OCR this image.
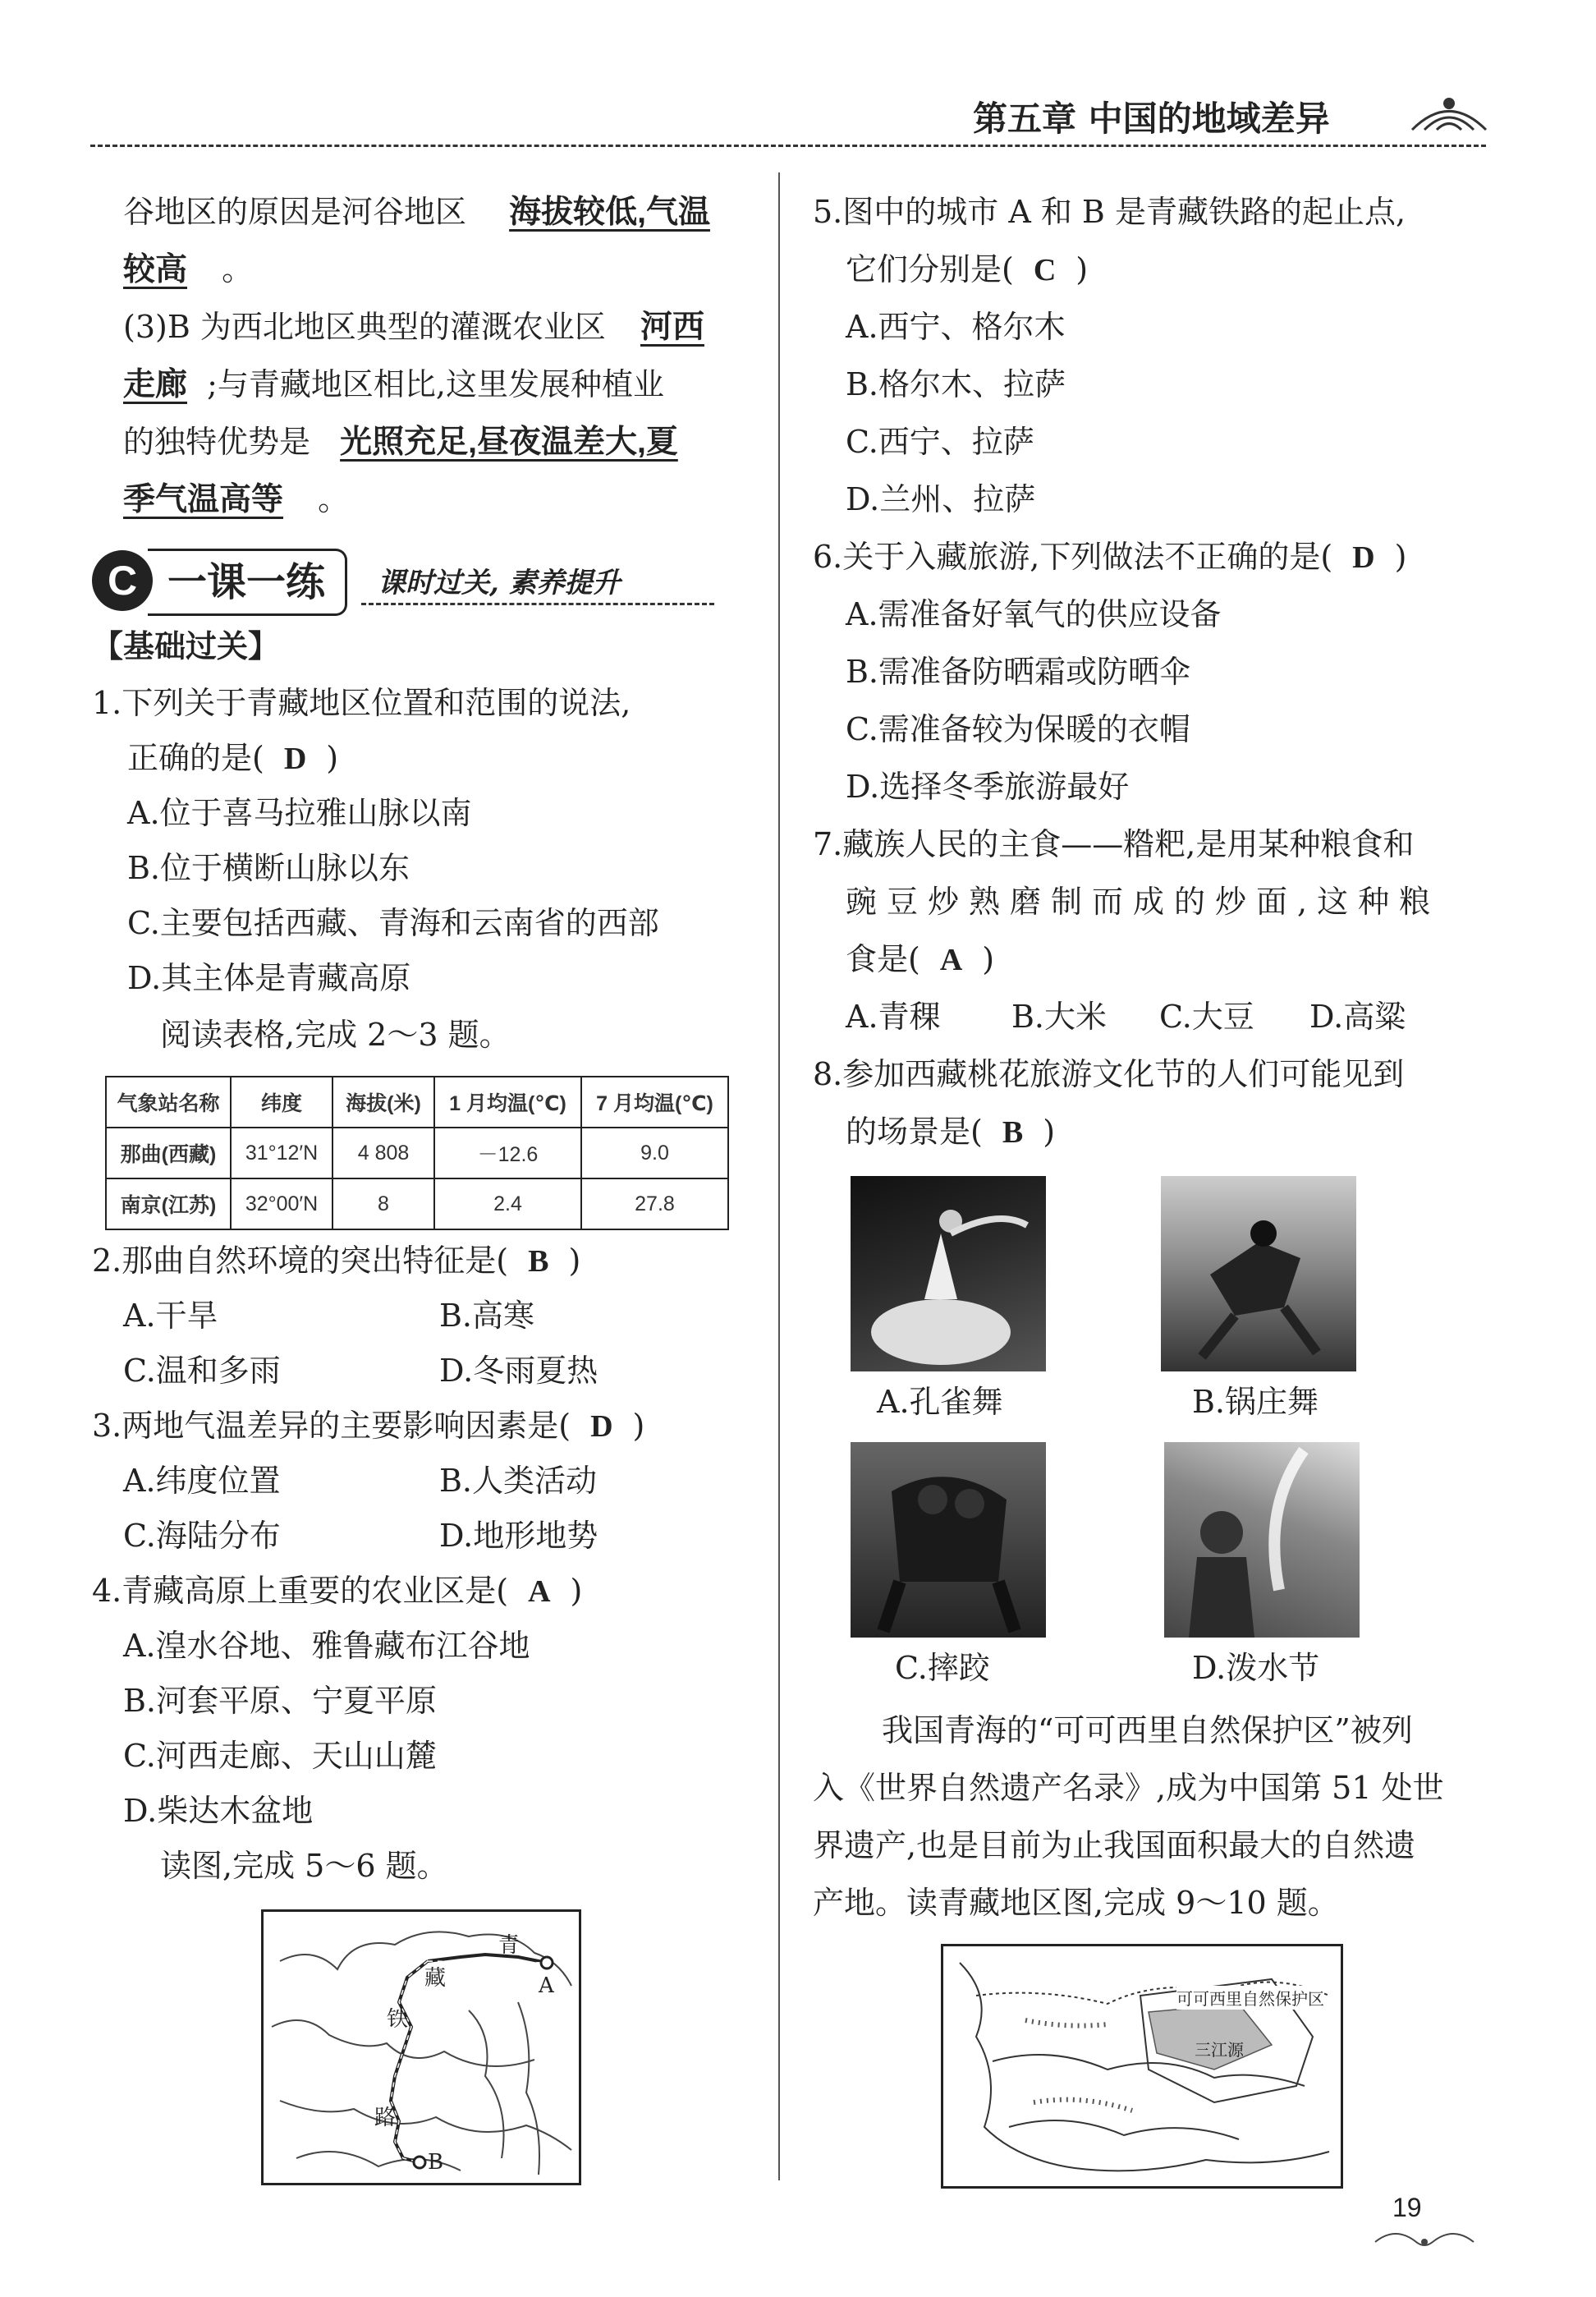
第五章 中国的地域差异
谷地区的原因是河谷地区 海拔较低,气温
较高 。
(3)B 为西北地区典型的灌溉农业区 河西
走廊 ;与青藏地区相比,这里发展种植业
的独特优势是 光照充足,昼夜温差大,夏
季气温高等 。
C 一课一练	课时过关, 素养提升
【基础过关】
1.下列关于青藏地区位置和范围的说法,
正确的是( D )
A.位于喜马拉雅山脉以南
B.位于横断山脉以东
C.主要包括西藏、青海和云南省的西部
D.其主体是青藏高原
阅读表格,完成 2～3 题。
气象站名称	纬度	海拔(米)	1 月均温(℃)	7 月均温(℃)
那曲(西藏)	31°12′N	4 808	－12.6	9.0
南京(江苏)	32°00′N	8	2.4	27.8
2.那曲自然环境的突出特征是( B )
A.干旱	B.高寒
C.温和多雨	D.冬雨夏热
3.两地气温差异的主要影响因素是( D )
A.纬度位置	B.人类活动
C.海陆分布	D.地形地势
4.青藏高原上重要的农业区是( A )
A.湟水谷地、雅鲁藏布江谷地
B.河套平原、宁夏平原
C.河西走廊、天山山麓
D.柴达木盆地
读图,完成 5～6 题。
青
藏
铁
路
A
B
5.图中的城市 A 和 B 是青藏铁路的起止点,
它们分别是( C )
A.西宁、格尔木
B.格尔木、拉萨
C.西宁、拉萨
D.兰州、拉萨
6.关于入藏旅游,下列做法不正确的是( D )
A.需准备好氧气的供应设备
B.需准备防晒霜或防晒伞
C.需准备较为保暖的衣帽
D.选择冬季旅游最好
7.藏族人民的主食——糌粑,是用某种粮食和
豌豆炒熟磨制而成的炒面,这种粮
食是( A )
A.青稞 B.大米 C.大豆 D.高粱
8.参加西藏桃花旅游文化节的人们可能见到
的场景是( B )
A.孔雀舞	B.锅庄舞
C.摔跤	D.泼水节
我国青海的“可可西里自然保护区”被列
入《世界自然遗产名录》,成为中国第 51 处世
界遗产,也是目前为止我国面积最大的自然遗
产地。读青藏地区图,完成 9～10 题。
可可西里自然保护区
三江源
19
